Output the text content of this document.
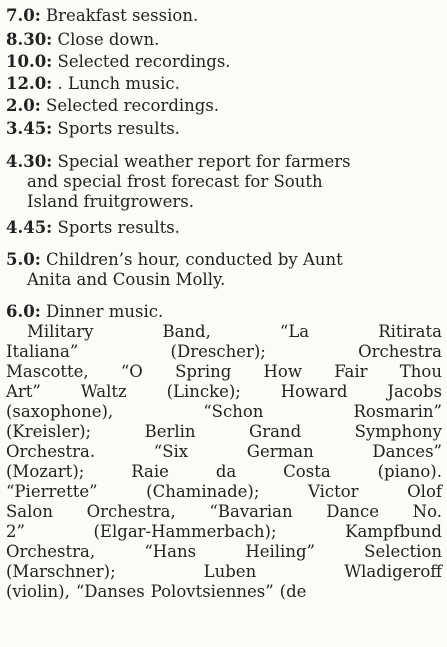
7.0: Breakfast session.
8.30: Close down.
10.0: Selected recordings.
12.0: . Lunch music.
2.0: Selected recordings.
3.45: Sports results.
4.30: Special weather report for farmers
and special frost forecast for South
Island fruitgrowers.
4.45: Sports results.
5.0: Children’s hour, conducted by Aunt
Anita and Cousin Molly.
6.0: Dinner music.
Military	Band,	“La	Ritirata
Italiana”	(Drescher);	Orchestra
Mascotte, “O Spring How Fair Thou
Art” Waltz (Lincke); Howard Jacobs
(saxophone),	“Schon	Rosmarin”
(Kreisler);	Berlin	Grand	Symphony
Orchestra.	“Six	German	Dances”
(Mozart);	Raie	da	Costa	(piano).
“Pierrette”	(Chaminade);	Victor	Olof
Salon Orchestra, “Bavarian Dance No.
2”	(Elgar-Hammerbach);	Kampfbund
Orchestra,	“Hans	Heiling”	Selection
(Marschner);	Luben	Wladigeroff
(violin), “Danses Polovtsiennes” (de
